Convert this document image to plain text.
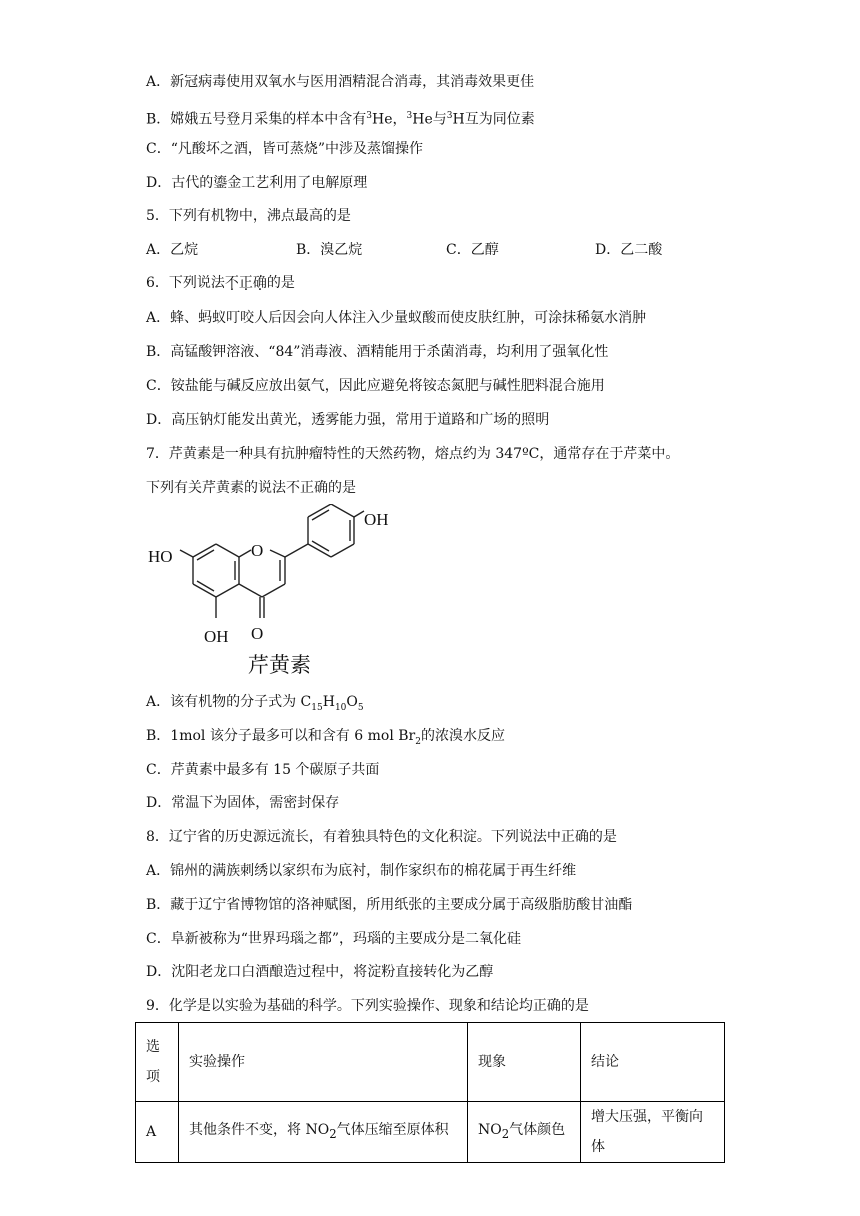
A．新冠病毒使用双氧水与医用酒精混合消毒，其消毒效果更佳
B．嫦娥五号登月采集的样本中含有$^3$He，$^3$He与$^3$H互为同位素
C．“凡酸坏之酒，皆可蒸烧”中涉及蒸馏操作
D．古代的鎏金工艺利用了电解原理
5．下列有机物中，沸点最高的是
A．乙烷	B．溴乙烷	C．乙醇	D．乙二酸
6．下列说法不正确的是
A．蜂、蚂蚁叮咬人后因会向人体注入少量蚁酸而使皮肤红肿，可涂抹稀氨水消肿
B．高锰酸钾溶液、“84”消毒液、酒精能用于杀菌消毒，均利用了强氧化性
C．铵盐能与碱反应放出氨气，因此应避免将铵态氮肥与碱性肥料混合施用
D．高压钠灯能发出黄光，透雾能力强，常用于道路和广场的照明
7．芹黄素是一种具有抗肿瘤特性的天然药物，熔点约为 347ºC，通常存在于芹菜中。
下列有关芹黄素的说法不正确的是
OH
HO	O
OH O
芹黄素
A．该有机物的分子式为 $C_{15}H_{10}O_5$
B．1mol 该分子最多可以和含有 6 mol $Br_2$的浓溴水反应
C．芹黄素中最多有 15 个碳原子共面
D．常温下为固体，需密封保存
8．辽宁省的历史源远流长，有着独具特色的文化积淀。下列说法中正确的是
A．锦州的满族刺绣以家织布为底衬，制作家织布的棉花属于再生纤维
B．藏于辽宁省博物馆的洛神赋图，所用纸张的主要成分属于高级脂肪酸甘油酯
C．阜新被称为“世界玛瑙之都”，玛瑙的主要成分是二氧化硅
D．沈阳老龙口白酒酿造过程中，将淀粉直接转化为乙醇
9．化学是以实验为基础的科学。下列实验操作、现象和结论均正确的是
选
项	实验操作	现象	结论
A	其他条件不变，将 $NO_2$气体压缩至原体积	$NO_2$气体颜色	增大压强，平衡向体
